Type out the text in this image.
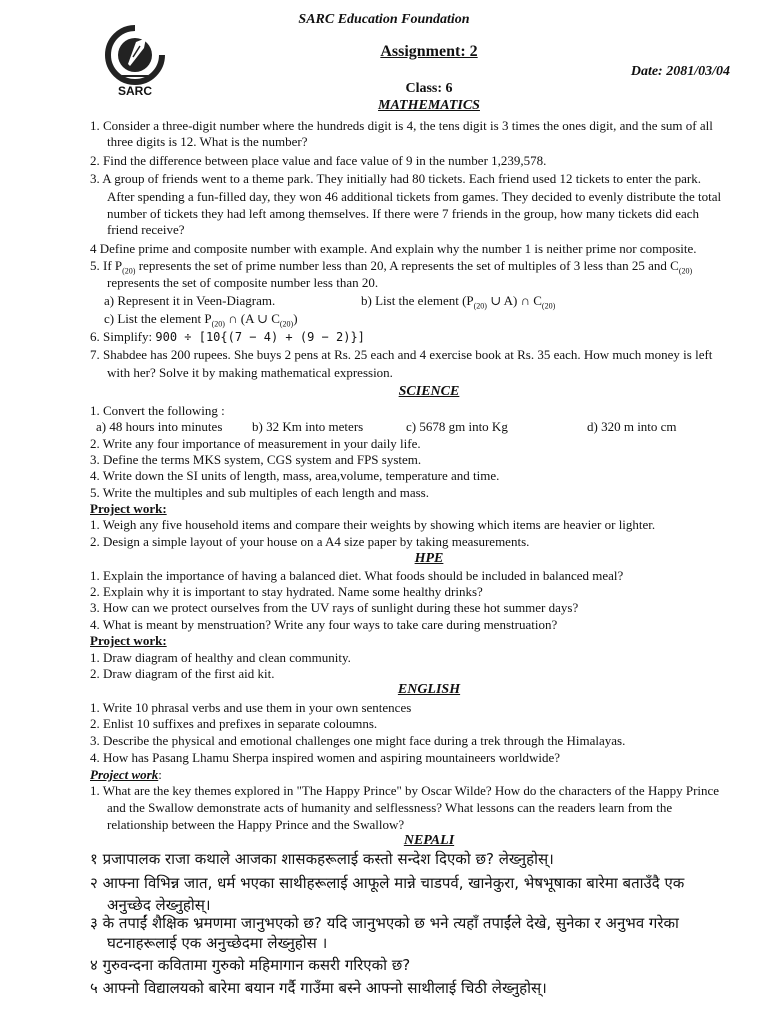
SARC Education Foundation
SARC
Assignment: 2
Date: 2081/03/04
Class: 6
MATHEMATICS
1. Consider a three-digit number where the hundreds digit is 4, the tens digit is 3 times the ones digit, and the sum of all
three digits is 12. What is the number?
2. Find the difference between place value and face value of 9 in the number 1,239,578.
3. A group of friends went to a theme park. They initially had 80 tickets. Each friend used 12 tickets to enter the park.
After spending a fun-filled day, they won 46 additional tickets from games. They decided to evenly distribute the total
number of tickets they had left among themselves. If there were 7 friends in the group, how many tickets did each
friend receive?
4 Define prime and composite number with example. And explain why the number 1 is neither prime nor composite.
5. If $P_{(20)}$ represents the set of prime number less than 20, A represents the set of multiples of 3 less than 25 and $C_{(20)}$
represents the set of composite number less than 20.
a) Represent it in Veen-Diagram.	b) List the element ($P_{(20)}$ ∪ A) ∩ $C_{(20)}$
c) List the element $P_{(20)}$ ∩ (A ∪ $C_{(20)}$)
6. Simplify: 900 ÷ [10{(7 − 4) + (9 − 2)}]
7. Shabdee has 200 rupees. She buys 2 pens at Rs. 25 each and 4 exercise book at Rs. 35 each. How much money is left
with her? Solve it by making mathematical expression.
SCIENCE
1. Convert the following :
a) 48 hours into minutes b) 32 Km into meters	c) 5678 gm into Kg	d) 320 m into cm
2. Write any four importance of measurement in your daily life.
3. Define the terms MKS system, CGS system and FPS system.
4. Write down the SI units of length, mass, area,volume, temperature and time.
5. Write the multiples and sub multiples of each length and mass.
Project work:
1. Weigh any five household items and compare their weights by showing which items are heavier or lighter.
2. Design a simple layout of your house on a A4 size paper by taking measurements.
HPE
1. Explain the importance of having a balanced diet. What foods should be included in balanced meal?
2. Explain why it is important to stay hydrated. Name some healthy drinks?
3. How can we protect ourselves from the UV rays of sunlight during these hot summer days?
4. What is meant by menstruation? Write any four ways to take care during menstruation?
Project work:
1. Draw diagram of healthy and clean community.
2. Draw diagram of the first aid kit.
ENGLISH
1. Write 10 phrasal verbs and use them in your own sentences
2. Enlist 10 suffixes and prefixes in separate coloumns.
3. Describe the physical and emotional challenges one might face during a trek through the Himalayas.
4. How has Pasang Lhamu Sherpa inspired women and aspiring mountaineers worldwide?
Project work:
1. What are the key themes explored in "The Happy Prince" by Oscar Wilde? How do the characters of the Happy Prince
and the Swallow demonstrate acts of humanity and selflessness? What lessons can the readers learn from the
relationship between the Happy Prince and the Swallow?
NEPALI
१ प्रजापालक राजा कथाले आजका शासकहरूलाई कस्तो सन्देश दिएको छ? लेख्नुहोस्।
२ आफ्ना विभिन्न जात, धर्म भएका साथीहरूलाई आफूले मान्ने चाडपर्व, खानेकुरा, भेषभूषाका बारेमा बताउँदै एक
अनुच्छेद लेख्नुहोस्।
३ के तपाईं शैक्षिक भ्रमणमा जानुभएको छ? यदि जानुभएको छ भने त्यहाँ तपाईंले देखे, सुनेका र अनुभव गरेका
घटनाहरूलाई एक अनुच्छेदमा लेख्नुहोस ।
४ गुरुवन्दना कवितामा गुरुको महिमागान कसरी गरिएको छ?
५ आफ्नो विद्यालयको बारेमा बयान गर्दै गाउँमा बस्ने आफ्नो साथीलाई चिठी लेख्नुहोस्।
